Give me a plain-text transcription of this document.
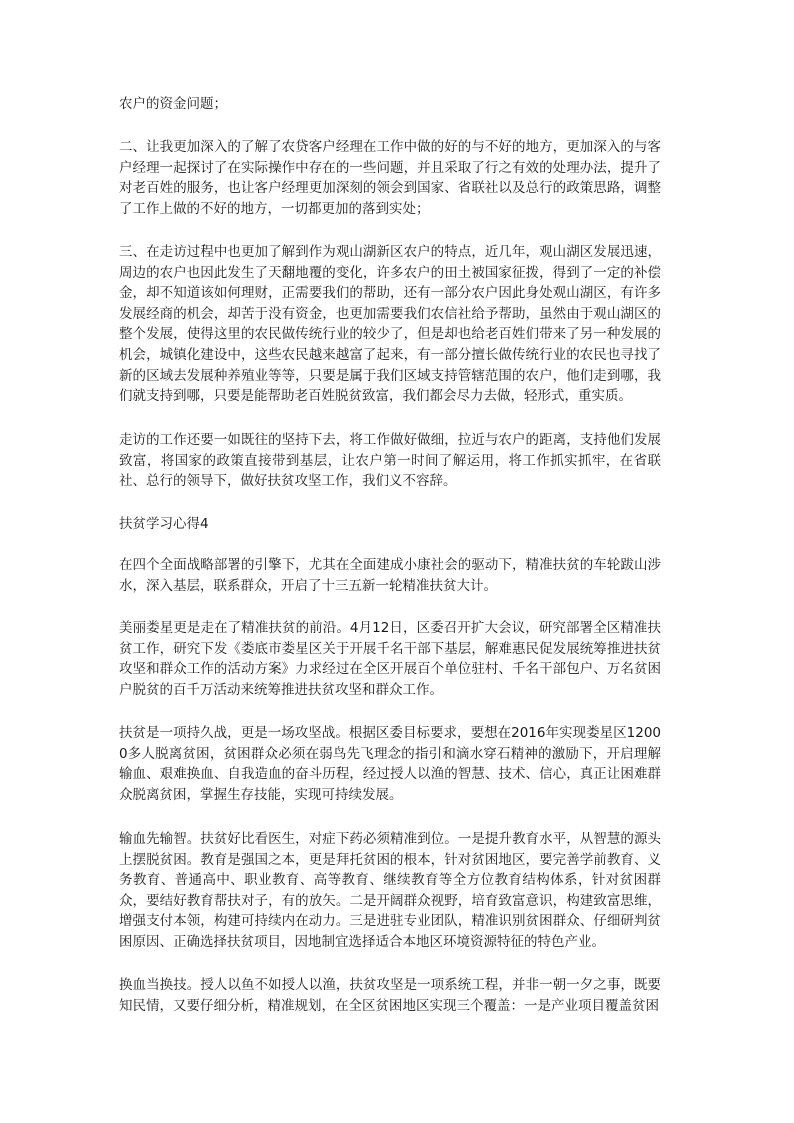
农户的资金问题；

二、让我更加深入的了解了农贷客户经理在工作中做的好的与不好的地方，更加深入的与客户经理一起探讨了在实际操作中存在的一些问题，并且采取了行之有效的处理办法，提升了对老百姓的服务，也让客户经理更加深刻的领会到国家、省联社以及总行的政策思路，调整了工作上做的不好的地方，一切都更加的落到实处；

三、在走访过程中也更加了解到作为观山湖新区农户的特点，近几年，观山湖区发展迅速，周边的农户也因此发生了天翻地覆的变化，许多农户的田土被国家征拨，得到了一定的补偿金，却不知道该如何理财，正需要我们的帮助，还有一部分农户因此身处观山湖区，有许多发展经商的机会，却苦于没有资金，也更加需要我们农信社给予帮助，虽然由于观山湖区的整个发展，使得这里的农民做传统行业的较少了，但是却也给老百姓们带来了另一种发展的机会，城镇化建设中，这些农民越来越富了起来，有一部分擅长做传统行业的农民也寻找了新的区域去发展种养殖业等等，只要是属于我们区域支持管辖范围的农户，他们走到哪，我们就支持到哪，只要是能帮助老百姓脱贫致富，我们都会尽力去做，轻形式，重实质。

走访的工作还要一如既往的坚持下去，将工作做好做细，拉近与农户的距离，支持他们发展致富，将国家的政策直接带到基层，让农户第一时间了解运用，将工作抓实抓牢，在省联社、总行的领导下，做好扶贫攻坚工作，我们义不容辞。

扶贫学习心得4

在四个全面战略部署的引擎下，尤其在全面建成小康社会的驱动下，精准扶贫的车轮跋山涉水，深入基层，联系群众，开启了十三五新一轮精准扶贫大计。

美丽娄星更是走在了精准扶贫的前沿。4月12日，区委召开扩大会议，研究部署全区精准扶贫工作，研究下发《娄底市娄星区关于开展千名干部下基层，解难惠民促发展统筹推进扶贫攻坚和群众工作的活动方案》力求经过在全区开展百个单位驻村、千名干部包户、万名贫困户脱贫的百千万活动来统筹推进扶贫攻坚和群众工作。

扶贫是一项持久战，更是一场攻坚战。根据区委目标要求，要想在2016年实现娄星区12000多人脱离贫困，贫困群众必须在弱鸟先飞理念的指引和滴水穿石精神的激励下，开启理解输血、艰难换血、自我造血的奋斗历程，经过授人以渔的智慧、技术、信心，真正让困难群众脱离贫困，掌握生存技能，实现可持续发展。

输血先输智。扶贫好比看医生，对症下药必须精准到位。一是提升教育水平，从智慧的源头上摆脱贫困。教育是强国之本，更是拜托贫困的根本，针对贫困地区，要完善学前教育、义务教育、普通高中、职业教育、高等教育、继续教育等全方位教育结构体系，针对贫困群众，要结好教育帮扶对子，有的放矢。二是开阔群众视野，培育致富意识，构建致富思维，增强支付本领，构建可持续内在动力。三是进驻专业团队，精准识别贫困群众、仔细研判贫困原因、正确选择扶贫项目，因地制宜选择适合本地区环境资源特征的特色产业。

换血当换技。授人以鱼不如授人以渔，扶贫攻坚是一项系统工程，并非一朝一夕之事，既要知民情，又要仔细分析，精准规划，在全区贫困地区实现三个覆盖：一是产业项目覆盖贫困
